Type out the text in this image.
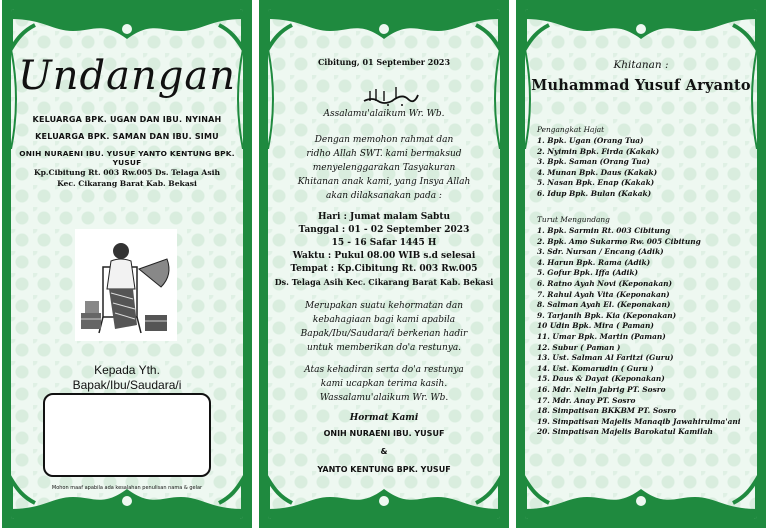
Undangan
KELUARGA BPK. UGAN DAN IBU. NYINAH
KELUARGA BPK. SAMAN DAN IBU. SIMU
ONIH NURAENI IBU. YUSUF YANTO KENTUNG BPK. YUSUF
Kp.Cibitung Rt. 003 Rw.005 Ds. Telaga Asih
Kec. Cikarang Barat Kab. Bekasi
Kepada Yth.
Bapak/Ibu/Saudara/i
Mohon maaf apabila ada kesalahan penulisan nama & gelar
Cibitung, 01 September 2023
Assalamu'alaikum Wr. Wb.
Dengan memohon rahmat dan
ridho Allah SWT. kami bermaksud
menyelenggarakan Tasyakuran
Khitanan anak kami, yang Insya Allah
akan dilaksanakan pada :
Hari : Jumat malam Sabtu
Tanggal : 01 - 02 September 2023
15 - 16 Safar 1445 H
Waktu : Pukul 08.00 WIB s.d selesai
Tempat : Kp.Cibitung Rt. 003 Rw.005
Ds. Telaga Asih Kec. Cikarang Barat Kab. Bekasi
Merupakan suatu kehormatan dan
kebahagiaan bagi kami apabila
Bapak/Ibu/Saudara/i berkenan hadir
untuk memberikan do'a restunya.
Atas kehadiran serta do'a restunya
kami ucapkan terima kasih.
Wassalamu'alaikum Wr. Wb.
Hormat Kami
ONIH NURAENI IBU. YUSUF
&
YANTO KENTUNG BPK. YUSUF
Khitanan :
Muhammad Yusuf Aryanto
Pengangkat Hajat
1. Bpk. Ugan (Orang Tua)
2. Nyimin Bpk. Firda (Kakak)
3. Bpk. Saman (Orang Tua)
4. Munan Bpk. Daus (Kakak)
5. Nasan Bpk. Enap (Kakak)
6. Idup Bpk. Bulan (Kakak)
Turut Mengundang
1. Bpk. Sarmin Rt. 003 Cibitung
2. Bpk. Amo Sukarmo Rw. 005 Cibitung
3. Sdr. Nursan / Encang (Adik)
4. Harun Bpk. Rama (Adik)
5. Gofur Bpk. Iffa (Adik)
6. Ratno Ayah Novi (Keponakan)
7. Rahul Ayah Vita (Keponakan)
8. Salman Ayah El. (Keponakan)
9. Tarjanih Bpk. Kia (Keponakan)
10 Udin Bpk. Mira ( Paman)
11. Umar Bpk. Martin (Paman)
12. Subur ( Paman )
13. Ust. Salman Al Faritzi (Guru)
14. Ust. Komarudin ( Guru )
15. Daus & Dayat (Keponakan)
16. Mdr. Nelin Jabrig PT. Sosro
17. Mdr. Anay PT. Sosro
18. Simpatisan BKKBM PT. Sosro
19. Simpatisan Majelis Manaqib Jawahirulma'ani
20. Simpatisan Majelis Barokatul Kamilah
